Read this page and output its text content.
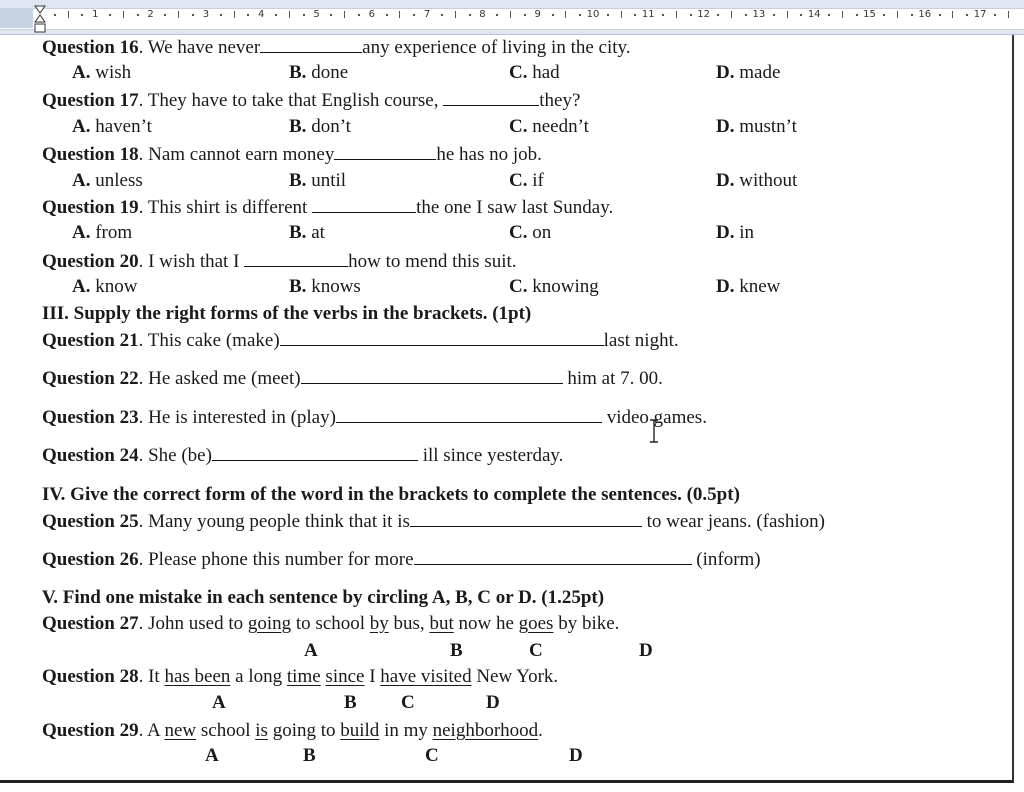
1	2	3	4	5	6	7	8	9	10	11	12	13	14	15	16	17
Question 16. We have never	any experience of living in the city.
A. wish	B. done	C. had	D. made
Question 17. They have to take that English course,	they?
A. haven’t	B. don’t	C. needn’t	D. mustn’t
Question 18. Nam cannot earn money	he has no job.
A. unless	B. until	C. if	D. without
Question 19. This shirt is different	the one I saw last Sunday.
A. from	B. at	C. on	D. in
Question 20. I wish that I	how to mend this suit.
A. know	B. knows	C. knowing	D. knew
III. Supply the right forms of the verbs in the brackets. (1pt)
Question 21. This cake (make)	last night.
Question 22. He asked me (meet)	him at 7. 00.
Question 23. He is interested in (play)	video games.
Question 24. She (be)	ill since yesterday.
IV. Give the correct form of the word in the brackets to complete the sentences. (0.5pt)
Question 25. Many young people think that it is	to wear jeans. (fashion)
Question 26. Please phone this number for more	(inform)
V. Find one mistake in each sentence by circling A, B, C or D. (1.25pt)
Question 27. John used to going to school by bus, but now he goes by bike.
A	B	C	D
Question 28. It has been a long time since I have visited New York.
A	B C	D
Question 29. A new school is going to build in my neighborhood.
A	B	C	D
